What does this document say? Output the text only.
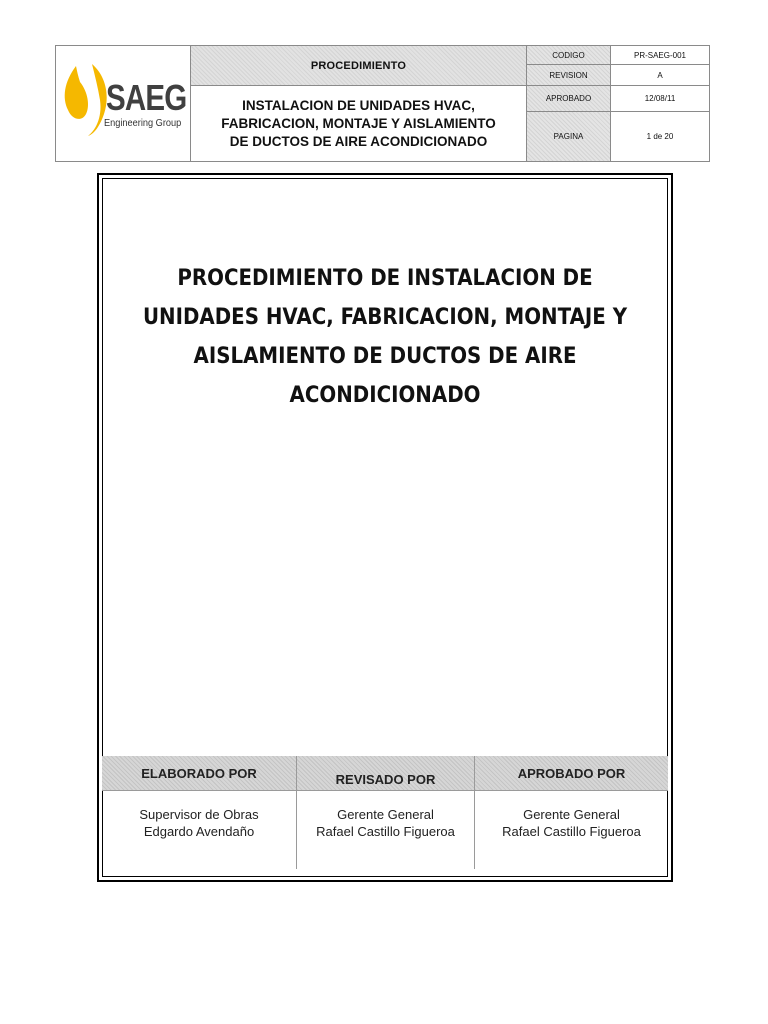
SAEG
Engineering Group
PROCEDIMIENTO
INSTALACION DE UNIDADES HVAC,
FABRICACION, MONTAJE Y AISLAMIENTO
DE DUCTOS DE AIRE ACONDICIONADO
CODIGO	PR-SAEG-001
REVISION	A
APROBADO	12/08/11
PAGINA	1 de 20
PROCEDIMIENTO DE INSTALACION DE
UNIDADES HVAC, FABRICACION, MONTAJE Y
AISLAMIENTO DE DUCTOS DE AIRE
ACONDICIONADO
ELABORADO POR
Supervisor de Obras
Edgardo Avendaño
REVISADO POR
Gerente General
Rafael Castillo Figueroa
APROBADO POR
Gerente General
Rafael Castillo Figueroa
